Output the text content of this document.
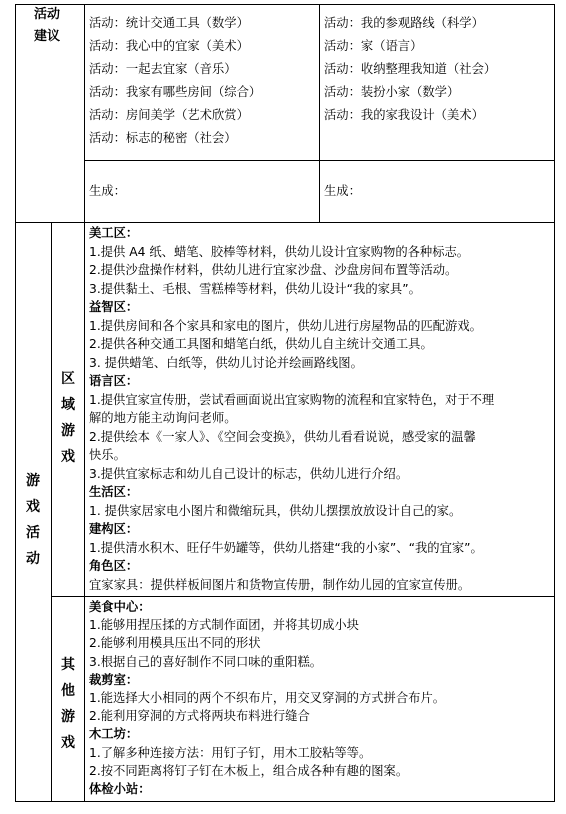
活动
建议
活动：统计交通工具（数学）
活动：我心中的宜家（美术）
活动：一起去宜家（音乐）
活动：我家有哪些房间（综合）
活动：房间美学（艺术欣赏）
活动：标志的秘密（社会）
活动：我的参观路线（科学）
活动：家（语言）
活动：收纳整理我知道（社会）
活动：装扮小家（数学）
活动：我的家我设计（美术）
生成：	生成：
游
戏
活
动
区
域
游
戏
其
他
游
戏
美工区：
1.提供 A4 纸、蜡笔、胶棒等材料，供幼儿设计宜家购物的各种标志。
2.提供沙盘操作材料，供幼儿进行宜家沙盘、沙盘房间布置等活动。
3.提供黏土、毛根、雪糕棒等材料，供幼儿设计“我的家具”。
益智区：
1.提供房间和各个家具和家电的图片，供幼儿进行房屋物品的匹配游戏。
2.提供各种交通工具图和蜡笔白纸，供幼儿自主统计交通工具。
3. 提供蜡笔、白纸等，供幼儿讨论并绘画路线图。
语言区：
1.提供宜家宣传册，尝试看画面说出宜家购物的流程和宜家特色，对于不理
解的地方能主动询问老师。
2.提供绘本《一家人》、《空间会变换》，供幼儿看看说说，感受家的温馨
快乐。
3.提供宜家标志和幼儿自己设计的标志，供幼儿进行介绍。
生活区：
1. 提供家居家电小图片和微缩玩具，供幼儿摆摆放放设计自己的家。
建构区：
1.提供清水积木、旺仔牛奶罐等，供幼儿搭建“我的小家”、“我的宜家”。
角色区：
宜家家具：提供样板间图片和货物宣传册，制作幼儿园的宜家宣传册。
美食中心：
1.能够用捏压揉的方式制作面团，并将其切成小块
2.能够利用模具压出不同的形状
3.根据自己的喜好制作不同口味的重阳糕。
裁剪室：
1.能选择大小相同的两个不织布片，用交叉穿洞的方式拼合布片。
2.能利用穿洞的方式将两块布料进行缝合
木工坊：
1.了解多种连接方法：用钉子钉，用木工胶粘等等。
2.按不同距离将钉子钉在木板上，组合成各种有趣的图案。
体检小站：
